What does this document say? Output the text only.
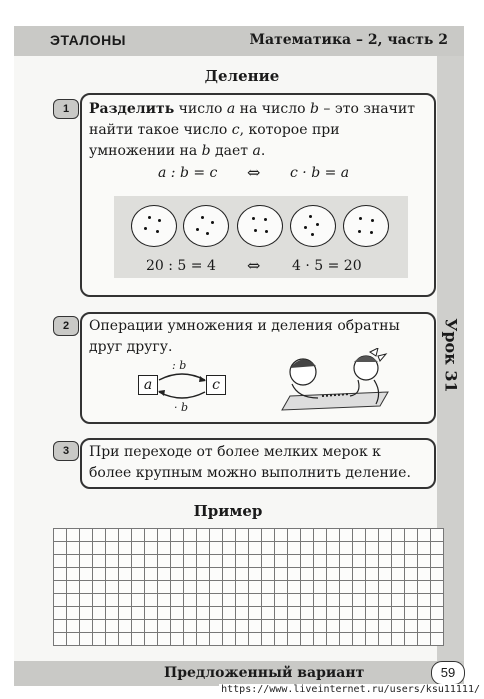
ЭТАЛОНЫ	Математика – 2, часть 2
Урок 31
Деление
1	Разделить число a на число b – это значит найти такое число c, которое при умножении на b дает a.
a : b = c ⇔ c · b = a
20 : 5 = 4 ⇔ 4 · 5 = 20
2	Операции умножения и деления обратны друг другу.
a	c
: b
· b
3	При переходе от более мелких мерок к более крупным можно выполнить деление.
Пример
Предложенный вариант	59
https://www.liveinternet.ru/users/ksu11111/
